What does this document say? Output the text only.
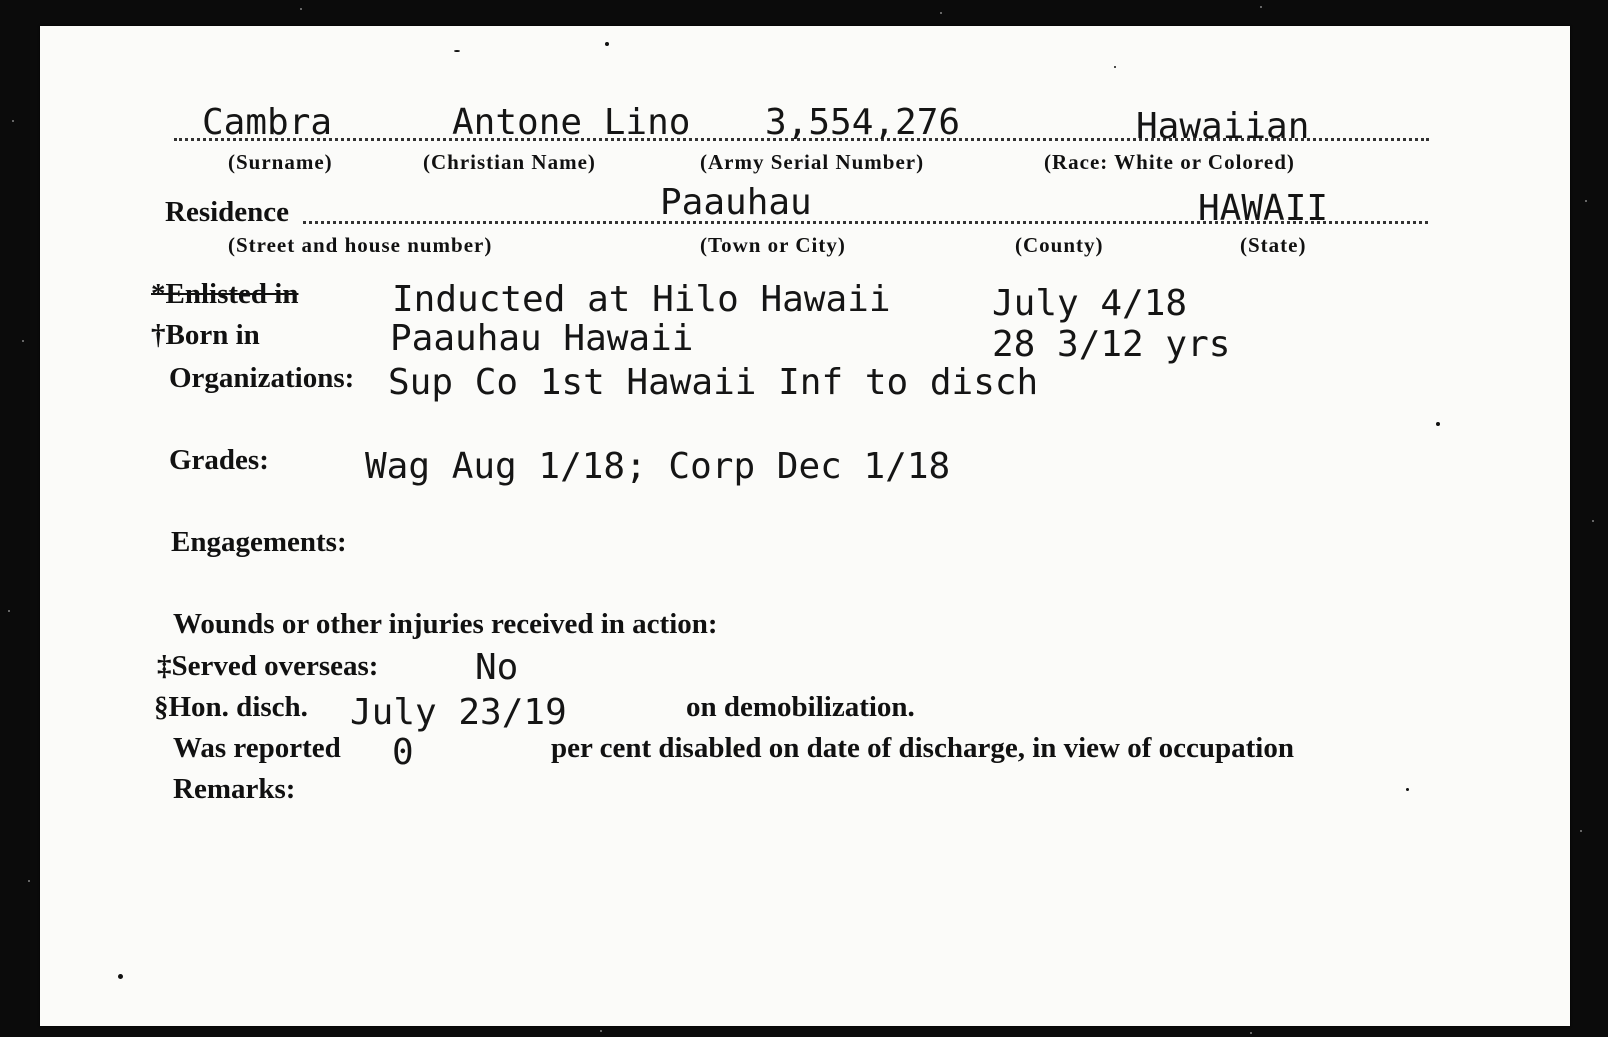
Cambra	Antone Lino 3,554,276	Hawaiian
(Surname)	(Christian Name)	(Army Serial Number)	(Race: White or Colored)
Residence	Paauhau	HAWAII
(Street and house number)	(Town or City)	(County)	(State)
*Enlisted in	Inducted at Hilo Hawaii	July 4/18
†Born in	Paauhau Hawaii	28 3/12 yrs
Organizations: Sup Co 1st Hawaii Inf to disch
Grades:	Wag Aug 1/18; Corp Dec 1/18
Engagements:
Wounds or other injuries received in action:
‡Served overseas:	No
§Hon. disch. July 23/19	on demobilization.
Was reported 0	per cent disabled on date of discharge, in view of occupation
Remarks:
